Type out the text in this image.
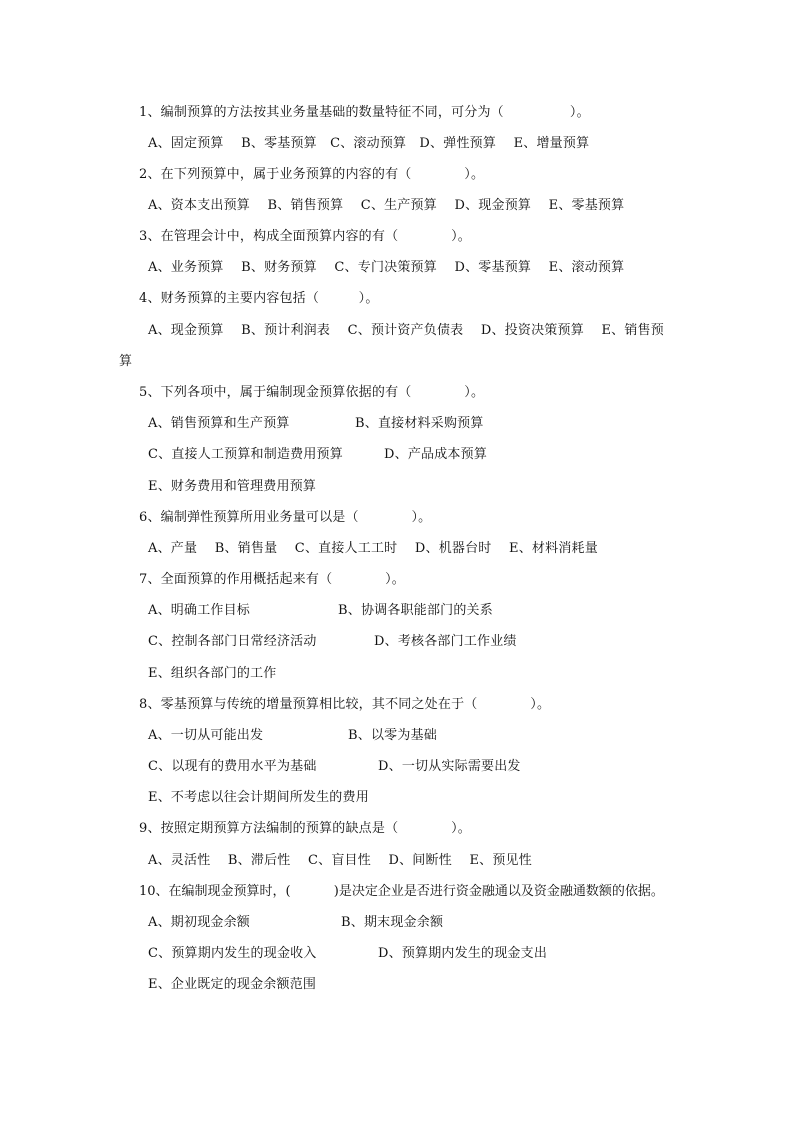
1、编制预算的方法按其业务量基础的数量特征不同，可分为（　　　　　）。
A、固定预算　 B、零基预算　C、滚动预算　D、弹性预算　 E、增量预算
2、在下列预算中，属于业务预算的内容的有（　　　　）。
A、资本支出预算　 B、销售预算　 C、生产预算　 D、现金预算　 E、零基预算
3、在管理会计中，构成全面预算内容的有（　　　　）。
A、业务预算　 B、财务预算　 C、专门决策预算　 D、零基预算　 E、滚动预算
4、财务预算的主要内容包括（　　　）。
A、现金预算　 B、预计利润表　 C、预计资产负债表　 D、投资决策预算　 E、销售预
算
5、下列各项中，属于编制现金预算依据的有（　　　　）。
A、销售预算和生产预算	B、直接材料采购预算
C、直接人工预算和制造费用预算	D、产品成本预算
E、财务费用和管理费用预算
6、编制弹性预算所用业务量可以是（　　　　）。
A、产量　 B、销售量　 C、直接人工工时　 D、机器台时　 E、材料消耗量
7、全面预算的作用概括起来有（　　　　）。
A、明确工作目标	B、协调各职能部门的关系
C、控制各部门日常经济活动	D、考核各部门工作业绩
E、组织各部门的工作
8、零基预算与传统的增量预算相比较，其不同之处在于（　　　　）。
A、一切从可能出发	B、以零为基础
C、以现有的费用水平为基础	D、一切从实际需要出发
E、不考虑以往会计期间所发生的费用
9、按照定期预算方法编制的预算的缺点是（　　　　）。
A、灵活性　 B、滞后性　 C、盲目性　 D、间断性　 E、预见性
10、在编制现金预算时，(　　　 )是决定企业是否进行资金融通以及资金融通数额的依据。
A、期初现金余额	B、期末现金余额
C、预算期内发生的现金收入	D、预算期内发生的现金支出
E、企业既定的现金余额范围
